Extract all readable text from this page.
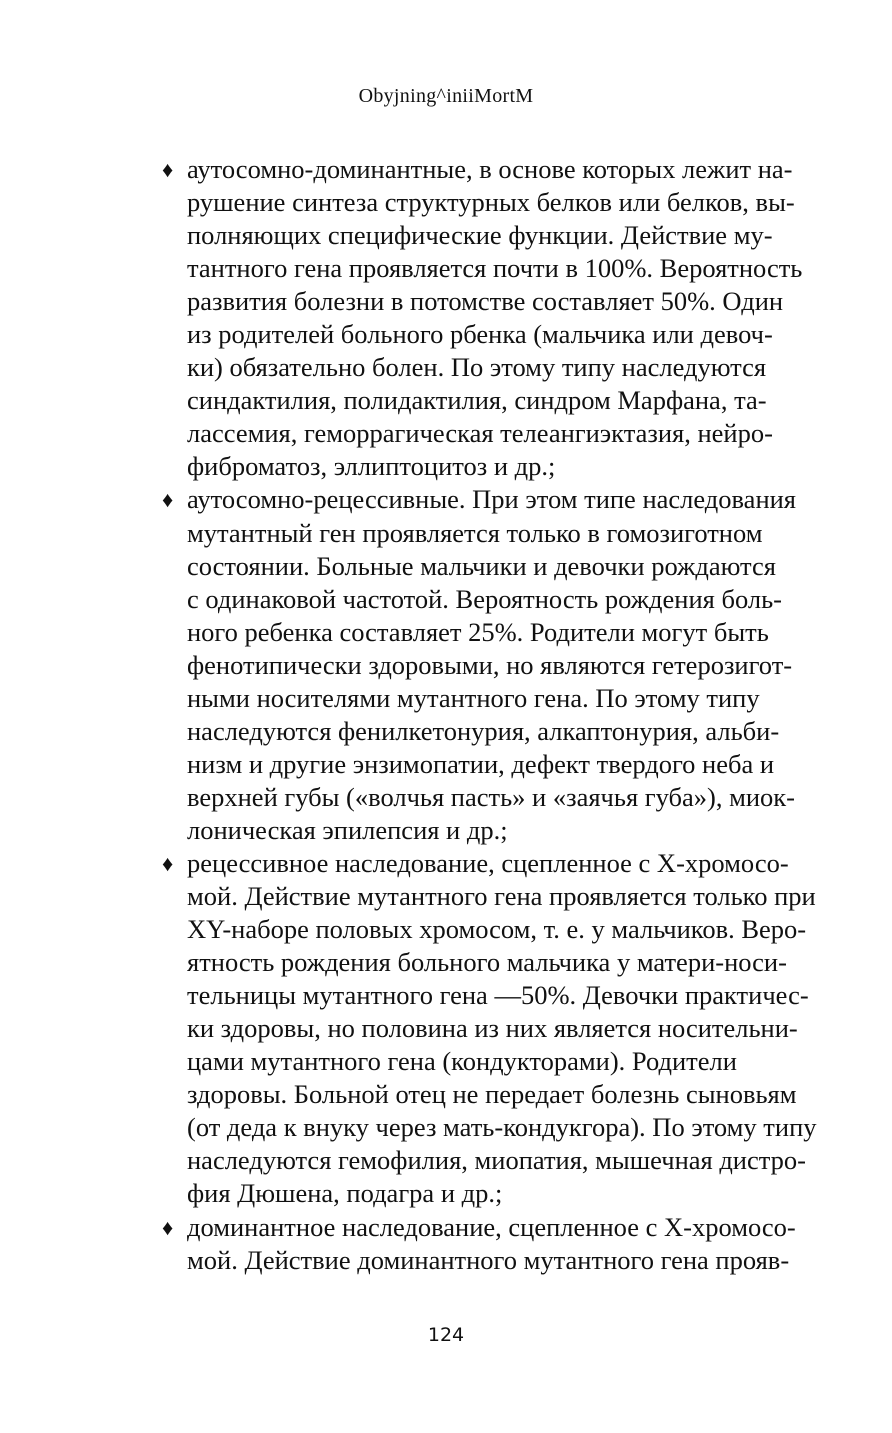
Obyjning^iniiMortM
♦ аутосомно-доминантные, в основе которых лежит на-
рушение синтеза структурных белков или белков, вы-
полняющих специфические функции. Действие му-
тантного гена проявляется почти в 100%. Вероятность
развития болезни в потомстве составляет 50%. Один
из родителей больного рбенка (мальчика или девоч-
ки) обязательно болен. По этому типу наследуются
синдактилия, полидактилия, синдром Марфана, та-
лассемия, геморрагическая телеангиэктазия, нейро-
фиброматоз, эллиптоцитоз и др.;
♦ аутосомно-рецессивные. При этом типе наследования
мутантный ген проявляется только в гомозиготном
состоянии. Больные мальчики и девочки рождаются
с одинаковой частотой. Вероятность рождения боль-
ного ребенка составляет 25%. Родители могут быть
фенотипически здоровыми, но являются гетерозигот-
ными носителями мутантного гена. По этому типу
наследуются фенилкетонурия, алкаптонурия, альби-
низм и другие энзимопатии, дефект твердого неба и
верхней губы («волчья пасть» и «заячья губа»), миок-
лоническая эпилепсия и др.;
♦ рецессивное наследование, сцепленное с Х-хромосо-
мой. Действие мутантного гена проявляется только при
XY-наборе половых хромосом, т. е. у мальчиков. Веро-
ятность рождения больного мальчика у матери-носи-
тельницы мутантного гена —50%. Девочки практичес-
ки здоровы, но половина из них является носительни-
цами мутантного гена (кондукторами). Родители
здоровы. Больной отец не передает болезнь сыновьям
(от деда к внуку через мать-кондукгора). По этому типу
наследуются гемофилия, миопатия, мышечная дистро-
фия Дюшена, подагра и др.;
♦ доминантное наследование, сцепленное с Х-хромосо-
мой. Действие доминантного мутантного гена прояв-
124
